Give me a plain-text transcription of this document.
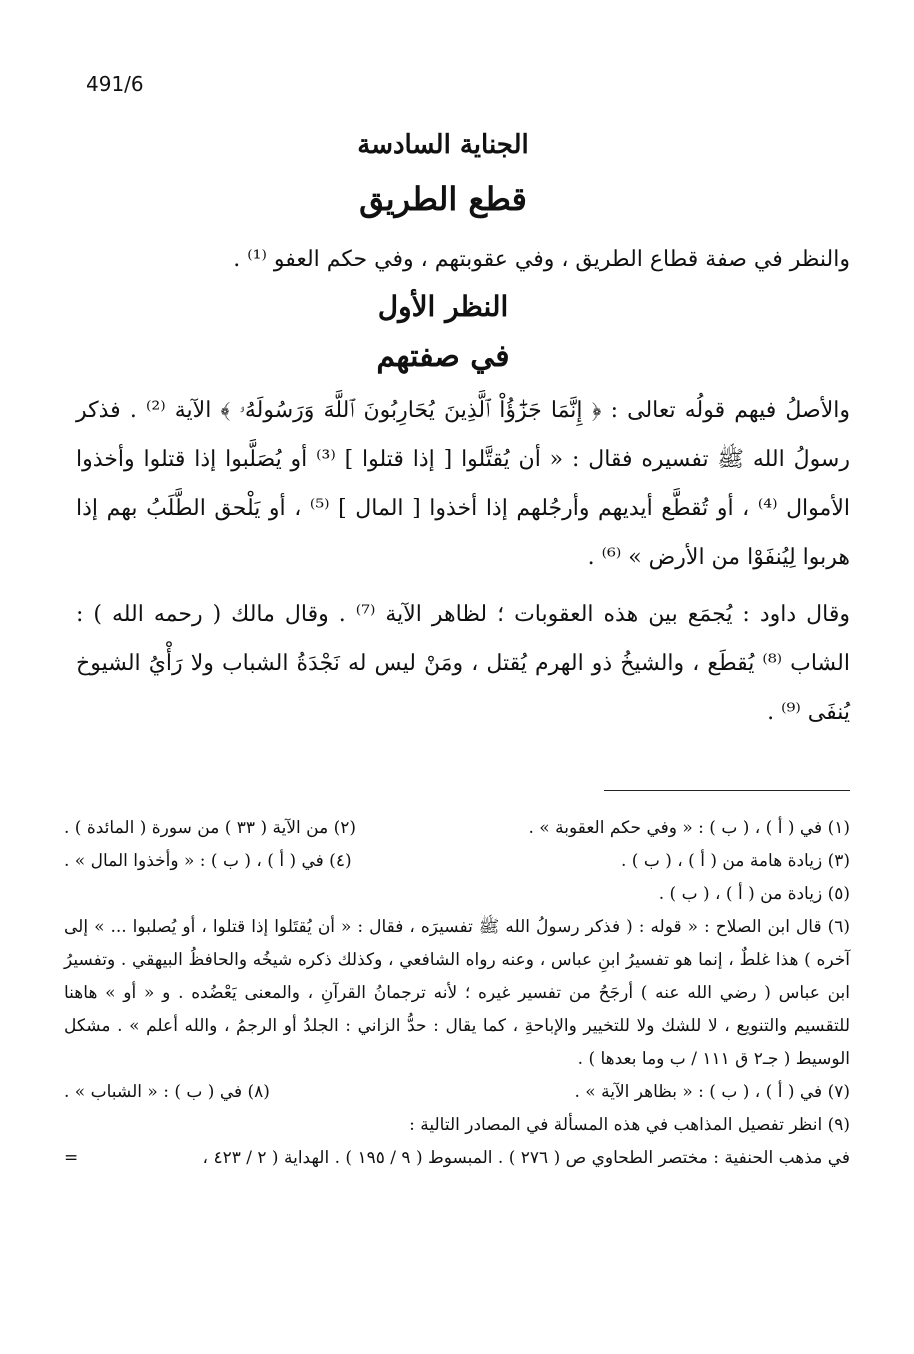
491/6
الجناية السادسة
قطع الطريق

والنظر في صفة قطاع الطريق ، وفي عقوبتهم ، وفي حكم العفو ⁽¹⁾ .

النظر الأول
في صفتهم

والأصلُ فيهم قولُه تعالى : ﴿ إِنَّمَا جَزَٰٓؤُاْ ٱلَّذِينَ يُحَارِبُونَ ٱللَّهَ وَرَسُولَهُۥ ﴾ الآية ⁽²⁾ . فذكر رسولُ الله ﷺ تفسيره فقال : « أن يُقتَّلوا [ إذا قتلوا ] ⁽³⁾ أو يُصَلَّبوا إذا قتلوا وأخذوا الأموال ⁽⁴⁾ ، أو تُقطَّع أيديهم وأرجُلهم إذا أخذوا [ المال ] ⁽⁵⁾ ، أو يَلْحق الطَّلَبُ بهم إذا هربوا لِيُنفَوْا من الأرض » ⁽⁶⁾ .

وقال داود : يُجمَع بين هذه العقوبات ؛ لظاهر الآية ⁽⁷⁾ . وقال مالك ( رحمه الله ) : الشاب ⁽⁸⁾ يُقطَع ، والشيخُ ذو الهرم يُقتل ، ومَنْ ليس له نَجْدَةُ الشباب ولا رَأْيُ الشيوخ يُنفَى ⁽⁹⁾ .

(١) في ( أ ) ، ( ب ) : « وفي حكم العقوبة » .
(٢) من الآية ( ٣٣ ) من سورة ( المائدة ) .
(٣) زيادة هامة من ( أ ) ، ( ب ) .
(٤) في ( أ ) ، ( ب ) : « وأخذوا المال » .

(٥) زيادة من ( أ ) ، ( ب ) .

(٦) قال ابن الصلاح : « قوله : ( فذكر رسولُ الله ﷺ تفسيرَه ، فقال : « أن يُقتَلوا إذا قتلوا ، أو يُصلبوا ... » إلى آخره ) هذا غلطٌ ، إنما هو تفسيرُ ابنِ عباس ، وعنه رواه الشافعي ، وكذلك ذكره شيخُه والحافظُ البيهقي . وتفسيرُ ابن عباس ( رضي الله عنه ) أرجَحُ من تفسير غيره ؛ لأنه ترجمانُ القرآنِ ، والمعنى يَعْضُده . و « أو » هاهنا للتقسيم والتنويع ، لا للشك ولا للتخيير والإباحةِ ، كما يقال : حدُّ الزاني : الجلدُ أو الرجمُ ، والله أعلم » . مشكل الوسيط ( جـ٢ ق ١١١ / ب وما بعدها ) .

(٧) في ( أ ) ، ( ب ) : « بظاهر الآية » .
(٨) في ( ب ) : « الشباب » .

(٩) انظر تفصيل المذاهب في هذه المسألة في المصادر التالية :

في مذهب الحنفية : مختصر الطحاوي ص ( ٢٧٦ ) . المبسوط ( ٩ / ١٩٥ ) . الهداية ( ٢ / ٤٢٣ ،
=
